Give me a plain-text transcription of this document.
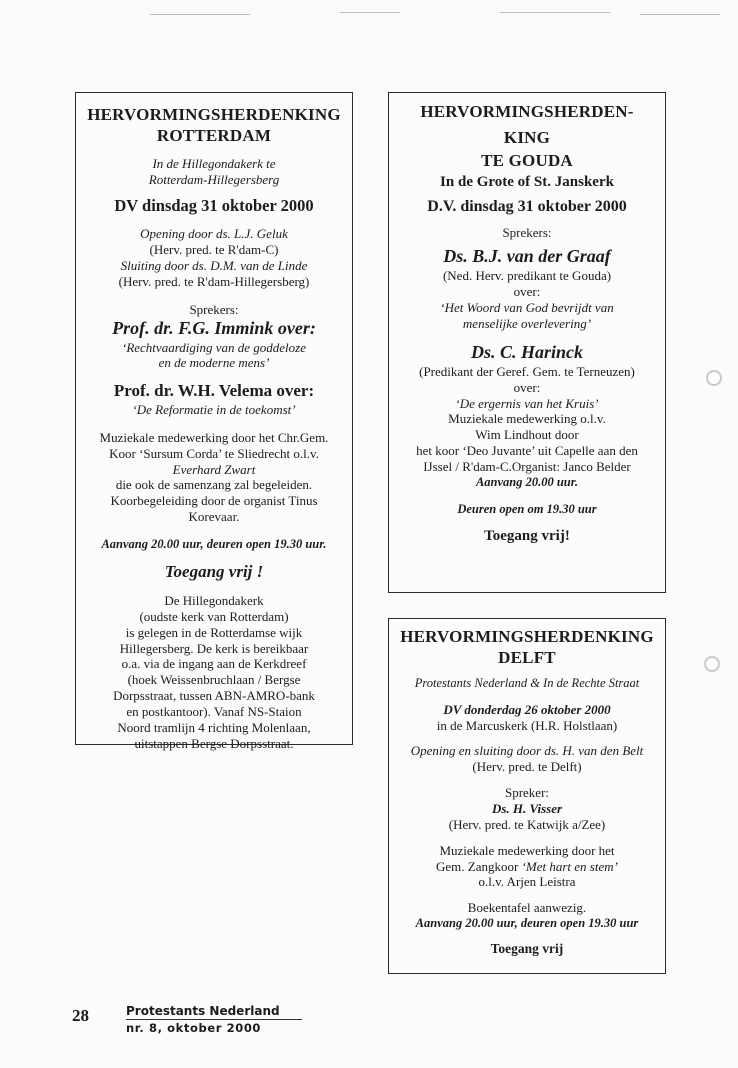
HERVORMINGSHERDENKING

ROTTERDAM

In de Hillegondakerk te

Rotterdam-Hillegersberg

DV dinsdag 31 oktober 2000

Opening door ds. L.J. Geluk

(Herv. pred. te R'dam-C)

Sluiting door ds. D.M. van de Linde

(Herv. pred. te R'dam-Hillegersberg)

Sprekers:

Prof. dr. F.G. Immink over:

‘Rechtvaardiging van de goddeloze

en de moderne mens’

Prof. dr. W.H. Velema over:

‘De Reformatie in de toekomst’

Muziekale medewerking door het Chr.Gem.

Koor ‘Sursum Corda’ te Sliedrecht o.l.v.

Everhard Zwart

die ook de samenzang zal begeleiden.

Koorbegeleiding door de organist Tinus

Korevaar.

Aanvang 20.00 uur, deuren open 19.30 uur.

Toegang vrij !

De Hillegondakerk

(oudste kerk van Rotterdam)

is gelegen in de Rotterdamse wijk

Hillegersberg. De kerk is bereikbaar

o.a. via de ingang aan de Kerkdreef

(hoek Weissenbruchlaan / Bergse

Dorpsstraat, tussen ABN-AMRO-bank

en postkantoor). Vanaf NS-Staion

Noord tramlijn 4 richting Molenlaan,

uitstappen Bergse Dorpsstraat.

HERVORMINGSHERDEN-

KING

TE GOUDA

In de Grote of St. Janskerk

D.V. dinsdag 31 oktober 2000

Sprekers:

Ds. B.J. van der Graaf

(Ned. Herv. predikant te Gouda)

over:

‘Het Woord van God bevrijdt van

menselijke overlevering’

Ds. C. Harinck

(Predikant der Geref. Gem. te Terneuzen)

over:

‘De ergernis van het Kruis’

Muziekale medewerking o.l.v.

Wim Lindhout door

het koor ‘Deo Juvante’ uit Capelle aan den

IJssel / R'dam-C.Organist: Janco Belder

Aanvang 20.00 uur.

Deuren open om 19.30 uur

Toegang vrij!

HERVORMINGSHERDENKING

DELFT

Protestants Nederland & In de Rechte Straat

DV donderdag 26 oktober 2000

in de Marcuskerk (H.R. Holstlaan)

Opening en sluiting door ds. H. van den Belt

(Herv. pred. te Delft)

Spreker:

Ds. H. Visser

(Herv. pred. te Katwijk a/Zee)

Muziekale medewerking door het

Gem. Zangkoor ‘Met hart en stem’

o.l.v. Arjen Leistra

Boekentafel aanwezig.

Aanvang 20.00 uur, deuren open 19.30 uur

Toegang vrij

28	Protestants Nederland
nr. 8, oktober 2000
